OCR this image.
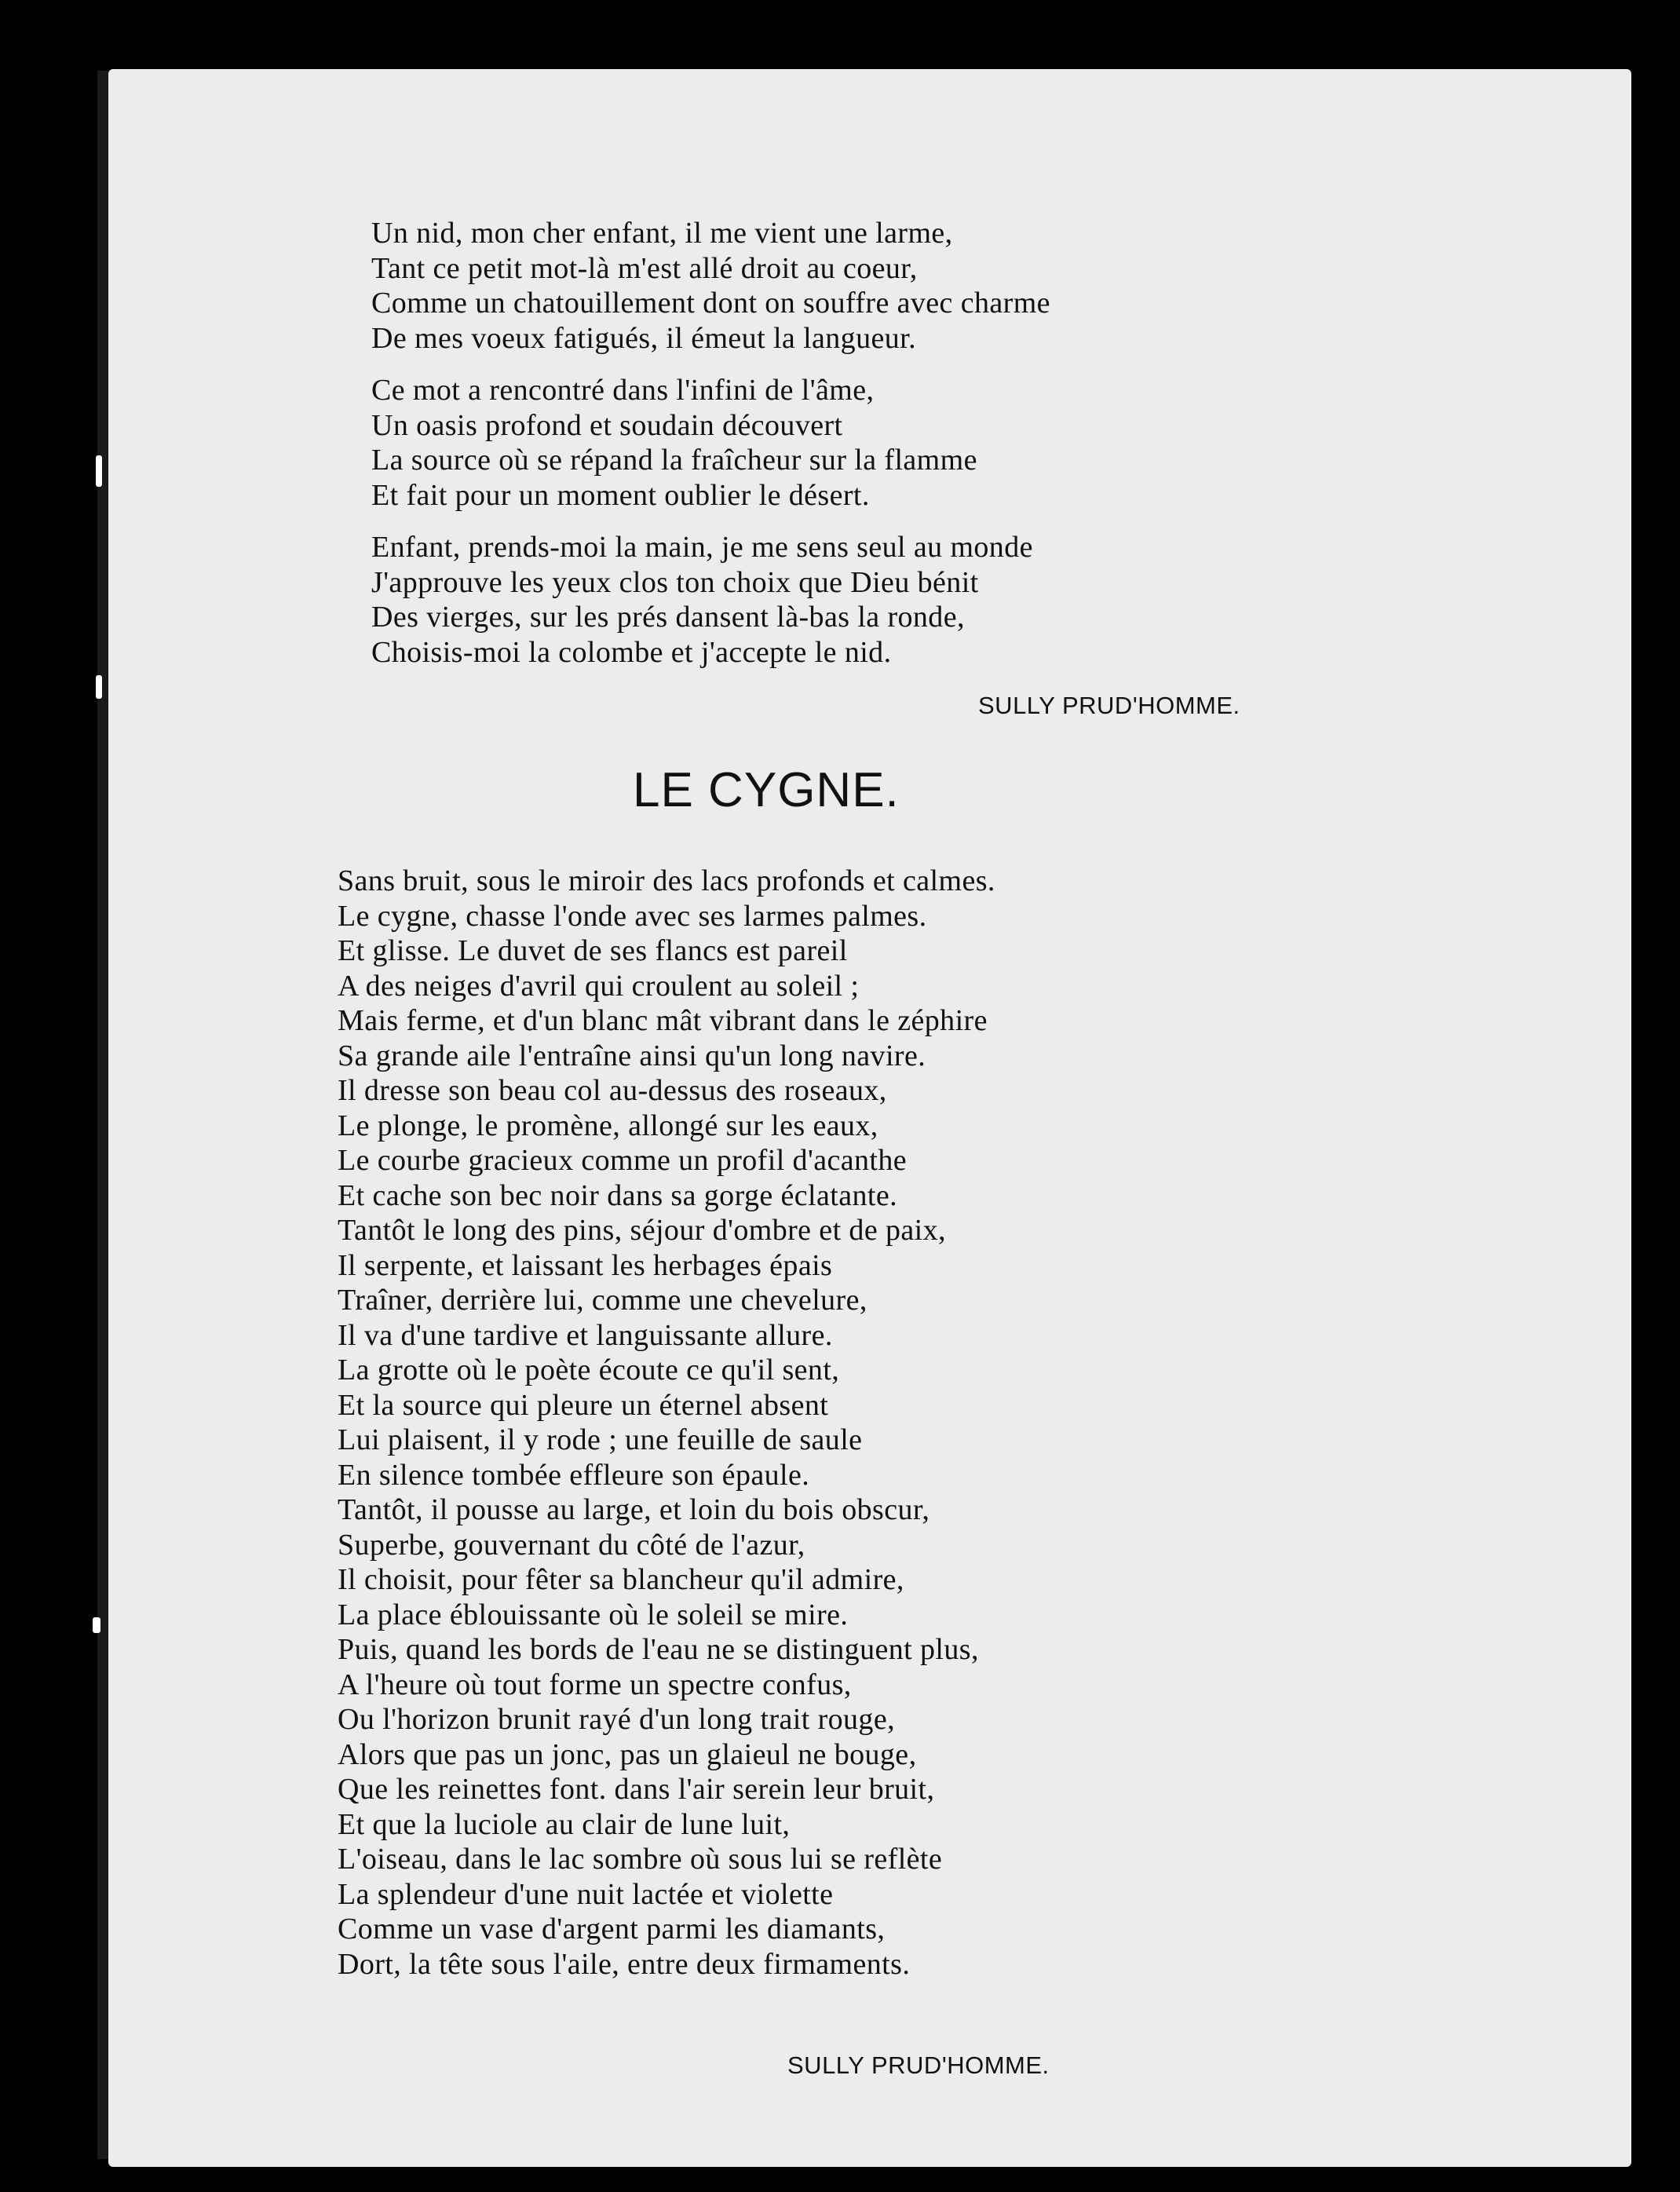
Un nid, mon cher enfant, il me vient une larme,
Tant ce petit mot-là m'est allé droit au coeur,
Comme un chatouillement dont on souffre avec charme
De mes voeux fatigués, il émeut la langueur.
Ce mot a rencontré dans l'infini de l'âme,
Un oasis profond et soudain découvert
La source où se répand la fraîcheur sur la flamme
Et fait pour un moment oublier le désert.
Enfant, prends-moi la main, je me sens seul au monde
J'approuve les yeux clos ton choix que Dieu bénit
Des vierges, sur les prés dansent là-bas la ronde,
Choisis-moi la colombe et j'accepte le nid.
SULLY PRUD'HOMME.
LE CYGNE.
Sans bruit, sous le miroir des lacs profonds et calmes.
Le cygne, chasse l'onde avec ses larmes palmes.
Et glisse. Le duvet de ses flancs est pareil
A des neiges d'avril qui croulent au soleil ;
Mais ferme, et d'un blanc mât vibrant dans le zéphire
Sa grande aile l'entraîne ainsi qu'un long navire.
Il dresse son beau col au-dessus des roseaux,
Le plonge, le promène, allongé sur les eaux,
Le courbe gracieux comme un profil d'acanthe
Et cache son bec noir dans sa gorge éclatante.
Tantôt le long des pins, séjour d'ombre et de paix,
Il serpente, et laissant les herbages épais
Traîner, derrière lui, comme une chevelure,
Il va d'une tardive et languissante allure.
La grotte où le poète écoute ce qu'il sent,
Et la source qui pleure un éternel absent
Lui plaisent, il y rode ; une feuille de saule
En silence tombée effleure son épaule.
Tantôt, il pousse au large, et loin du bois obscur,
Superbe, gouvernant du côté de l'azur,
Il choisit, pour fêter sa blancheur qu'il admire,
La place éblouissante où le soleil se mire.
Puis, quand les bords de l'eau ne se distinguent plus,
A l'heure où tout forme un spectre confus,
Ou l'horizon brunit rayé d'un long trait rouge,
Alors que pas un jonc, pas un glaieul ne bouge,
Que les reinettes font. dans l'air serein leur bruit,
Et que la luciole au clair de lune luit,
L'oiseau, dans le lac sombre où sous lui se reflète
La splendeur d'une nuit lactée et violette
Comme un vase d'argent parmi les diamants,
Dort, la tête sous l'aile, entre deux firmaments.
SULLY PRUD'HOMME.
